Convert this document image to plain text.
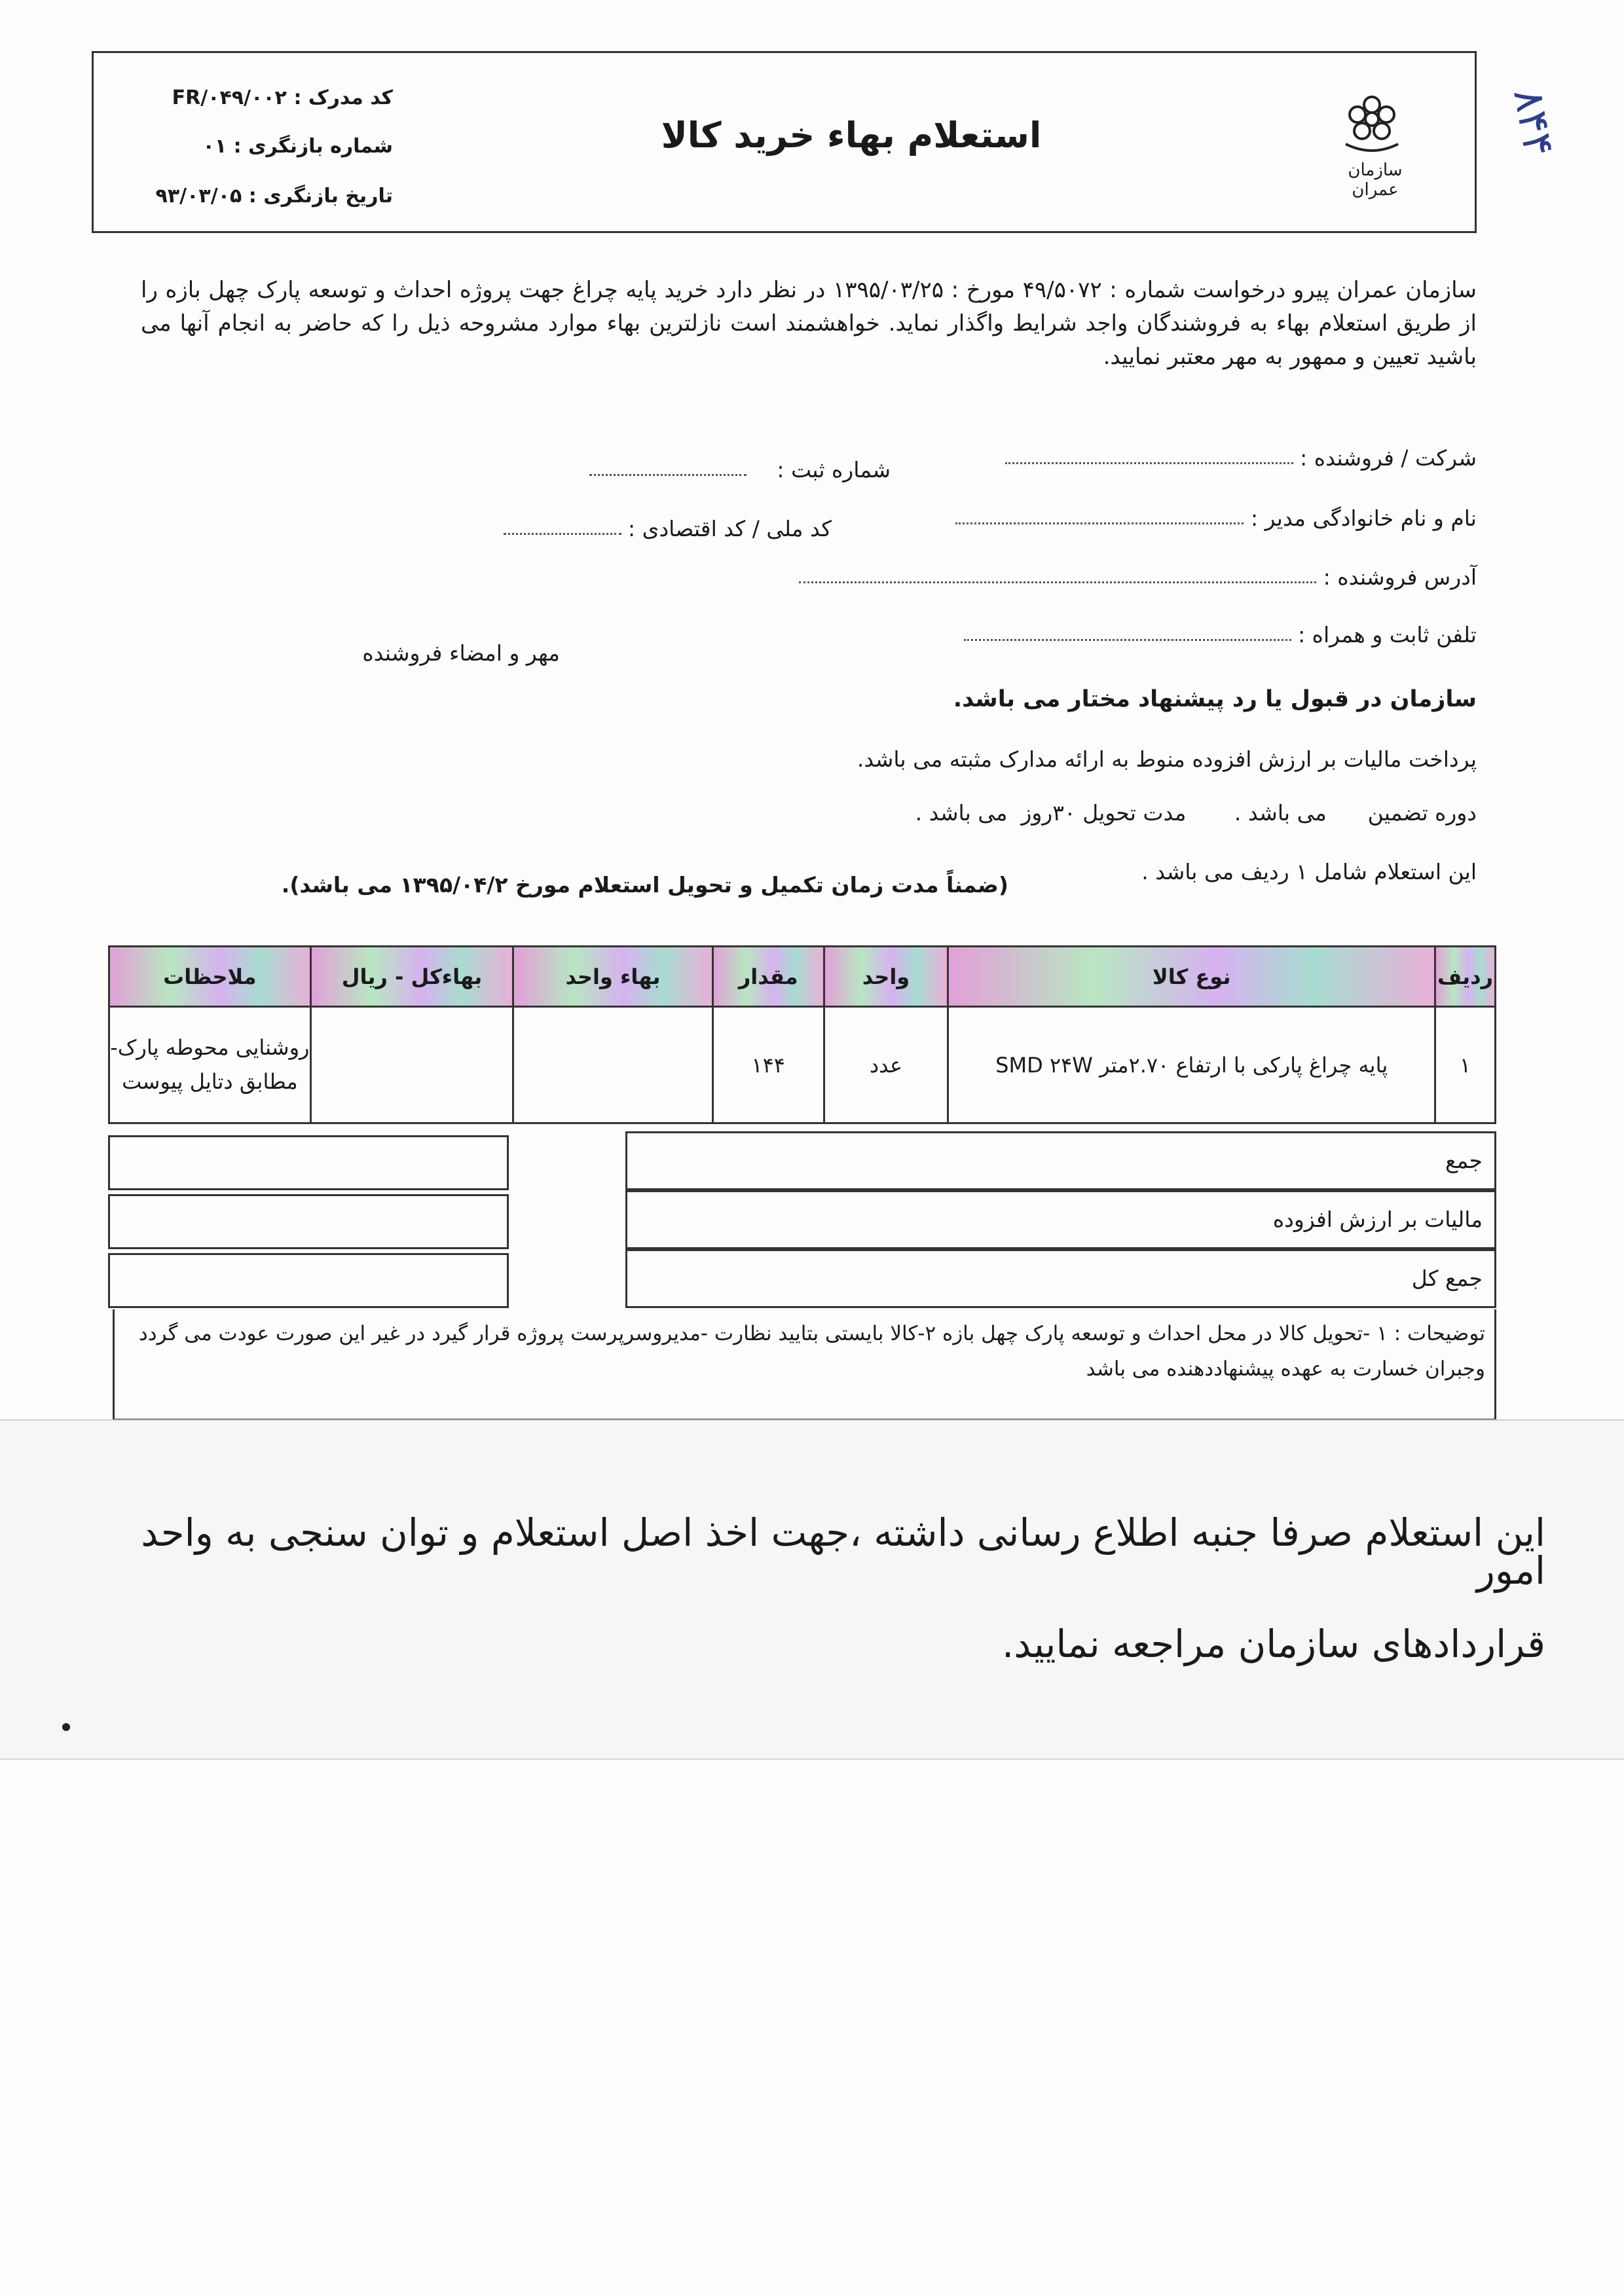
سازمان عمران
استعلام بهاء خرید کالا
کد مدرک : FR/۰۴۹/۰۰۲
شماره بازنگری : ۰۱
تاریخ بازنگری : ۹۳/۰۳/۰۵
۸۴۴
سازمان عمران پیرو درخواست شماره : ۴۹/۵۰۷۲ مورخ : ۱۳۹۵/۰۳/۲۵ در نظر دارد خرید پایه چراغ جهت پروژه احداث و توسعه پارک چهل بازه را از طریق استعلام بهاء به فروشندگان واجد شرایط واگذار نماید. خواهشمند است نازلترین بهاء موارد مشروحه ذیل را که حاضر به انجام آنها می باشید تعیین و ممهور به مهر معتبر نمایید.
شرکت / فروشنده :
شماره ثبت :
نام و نام خانوادگی مدیر :
کد ملی / کد اقتصادی :
آدرس فروشنده :
تلفن ثابت و همراه :
مهر و امضاء فروشنده
سازمان در قبول یا رد پیشنهاد مختار می باشد.
پرداخت مالیات بر ارزش افزوده منوط به ارائه مدارک مثبته می باشد.
دوره تضمین      می باشد .       مدت تحویل ۳۰روز  می باشد .
این استعلام شامل ۱ ردیف می باشد .
(ضمناً مدت زمان تکمیل و تحویل استعلام مورخ ۱۳۹۵/۰۴/۲ می باشد).
ردیف	نوع کالا	واحد	مقدار	بهاء واحد	بهاءکل - ریال	ملاحظات
۱	پایه چراغ پارکی با ارتفاع ۲.۷۰متر SMD ۲۴W	عدد	۱۴۴			روشنایی محوطه پارک-مطابق دتایل پیوست
جمع
مالیات بر ارزش افزوده
جمع کل
توضیحات : ۱ -تحویل کالا در محل احداث و توسعه پارک چهل بازه ۲-کالا بایستی بتایید نظارت -مدیروسرپرست پروژه قرار گیرد در غیر این صورت عودت می گردد وجبران خسارت به عهده پیشنهاددهنده می باشد
این استعلام صرفا جنبه اطلاع رسانی داشته ،جهت اخذ اصل استعلام و توان سنجی به واحد امور
قراردادهای سازمان مراجعه نمایید.
